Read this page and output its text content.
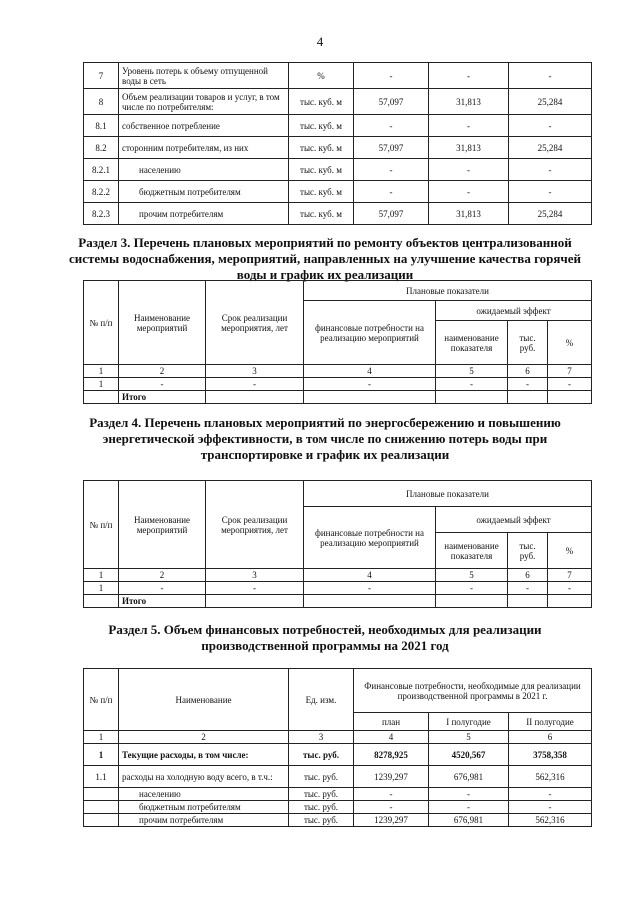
4
7	Уровень потерь к объему отпущенной воды в сеть	%	-	-	-
8	Объем реализации товаров и услуг, в том числе по потребителям:	тыс. куб. м	57,097	31,813	25,284
8.1	собственное потребление	тыс. куб. м	-	-	-
8.2	сторонним потребителям, из них	тыс. куб. м	57,097	31,813	25,284
8.2.1	населению	тыс. куб. м	-	-	-
8.2.2	бюджетным потребителям	тыс. куб. м	-	-	-
8.2.3	прочим потребителям	тыс. куб. м	57,097	31,813	25,284
Раздел 3. Перечень плановых мероприятий по ремонту объектов централизованной системы водоснабжения, мероприятий, направленных на улучшение качества горячей воды и график их реализации
№ п/п	Наименование мероприятий	Срок реализации мероприятия, лет	Плановые показатели			
			финансовые потребности на реализацию мероприятий	ожидаемый эффект		
				наименование показателя	тыс. руб.	%
1	2	3	4	5	6	7
1	-	-	-	-	-	-
	Итого					
Раздел 4. Перечень плановых мероприятий по энергосбережению и повышению энергетической эффективности, в том числе по снижению потерь воды при транспортировке и график их реализации
№ п/п	Наименование мероприятий	Срок реализации мероприятия, лет	Плановые показатели			
			финансовые потребности на реализацию мероприятий	ожидаемый эффект		
				наименование показателя	тыс. руб.	%
1	2	3	4	5	6	7
1	-	-	-	-	-	-
	Итого					
Раздел 5. Объем финансовых потребностей, необходимых для реализации производственной программы на 2021 год
№ п/п	Наименование	Ед. изм.	Финансовые потребности, необходимые для реализации производственной программы в 2021 г.		
			план	I полугодие	II полугодие
1	2	3	4	5	6
1	Текущие расходы, в том числе:	тыс. руб.	8278,925	4520,567	3758,358
1.1	расходы на холодную воду всего, в т.ч.:	тыс. руб.	1239,297	676,981	562,316
	населению	тыс. руб.	-	-	-
	бюджетным потребителям	тыс. руб.	-	-	-
	прочим потребителям	тыс. руб.	1239,297	676,981	562,316
